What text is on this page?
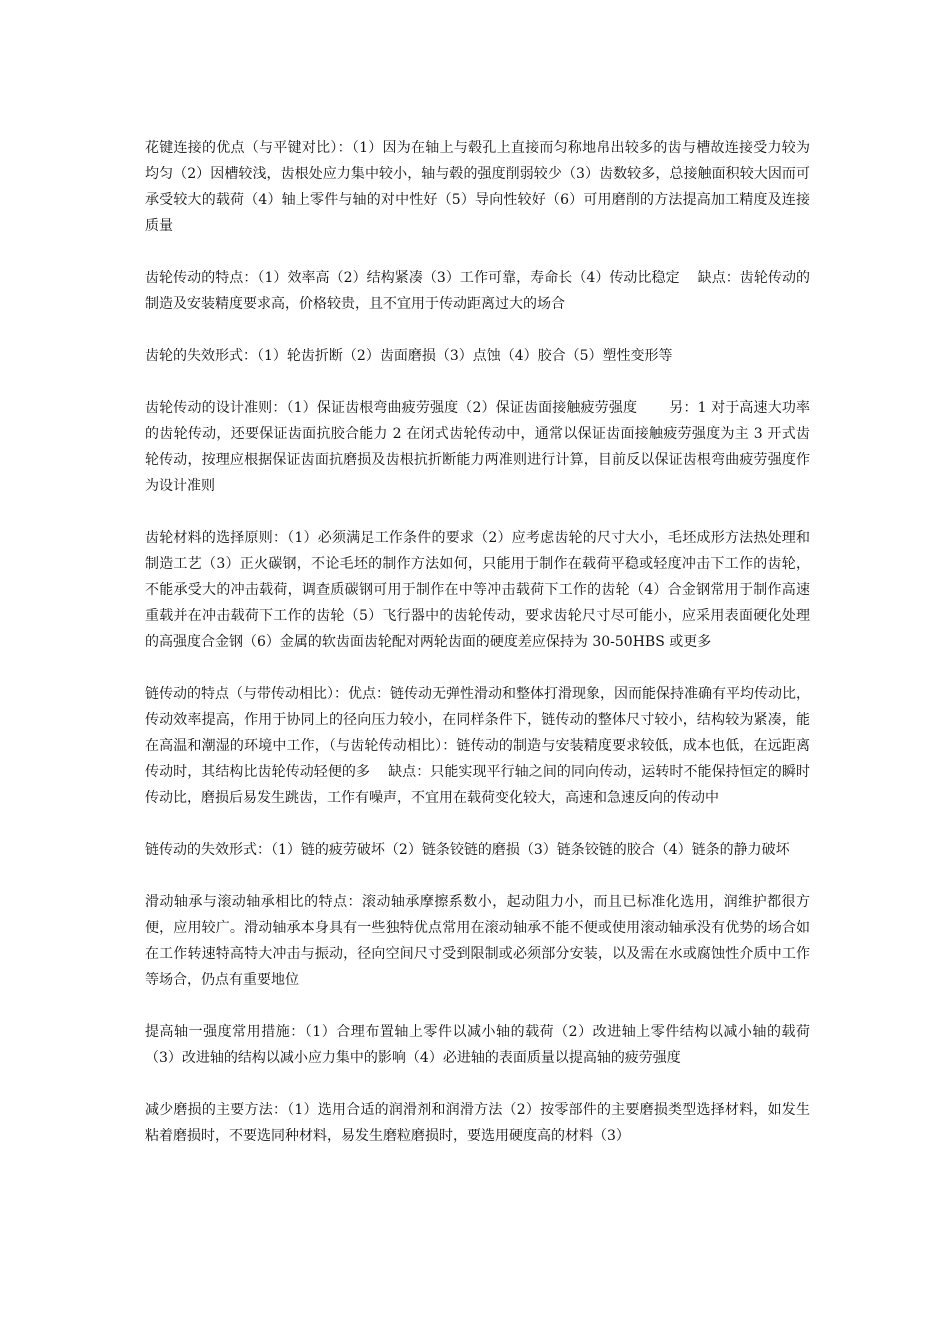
花键连接的优点（与平键对比）：（1）因为在轴上与毂孔上直接而匀称地帛出较多的齿与槽故连接受力较为均匀（2）因槽较浅，齿根处应力集中较小，轴与毂的强度削弱较少（3）齿数较多，总接触面积较大因而可承受较大的载荷（4）轴上零件与轴的对中性好（5）导向性较好（6）可用磨削的方法提高加工精度及连接质量

齿轮传动的特点：（1）效率高（2）结构紧凑（3）工作可靠，寿命长（4）传动比稳定    缺点：齿轮传动的制造及安装精度要求高，价格较贵，且不宜用于传动距离过大的场合

齿轮的失效形式：（1）轮齿折断（2）齿面磨损（3）点蚀（4）胶合（5）塑性变形等

齿轮传动的设计准则：（1）保证齿根弯曲疲劳强度（2）保证齿面接触疲劳强度       另：1 对于高速大功率的齿轮传动，还要保证齿面抗胶合能力 2 在闭式齿轮传动中，通常以保证齿面接触疲劳强度为主 3 开式齿轮传动，按理应根据保证齿面抗磨损及齿根抗折断能力两准则进行计算，目前反以保证齿根弯曲疲劳强度作为设计准则

齿轮材料的选择原则：（1）必须满足工作条件的要求（2）应考虑齿轮的尺寸大小，毛坯成形方法热处理和制造工艺（3）正火碳钢，不论毛坯的制作方法如何，只能用于制作在载荷平稳或轻度冲击下工作的齿轮，不能承受大的冲击载荷，调查质碳钢可用于制作在中等冲击载荷下工作的齿轮（4）合金钢常用于制作高速重载并在冲击载荷下工作的齿轮（5）飞行器中的齿轮传动，要求齿轮尺寸尽可能小，应采用表面硬化处理的高强度合金钢（6）金属的软齿面齿轮配对两轮齿面的硬度差应保持为 30-50HBS 或更多

链传动的特点（与带传动相比）：优点：链传动无弹性滑动和整体打滑现象，因而能保持准确有平均传动比，传动效率提高，作用于协同上的径向压力较小，在同样条件下，链传动的整体尺寸较小，结构较为紧凑，能在高温和潮湿的环境中工作，（与齿轮传动相比）：链传动的制造与安装精度要求较低，成本也低，在远距离传动时，其结构比齿轮传动轻便的多    缺点：只能实现平行轴之间的同向传动，运转时不能保持恒定的瞬时传动比，磨损后易发生跳齿，工作有噪声，不宜用在载荷变化较大，高速和急速反向的传动中

链传动的失效形式：（1）链的疲劳破坏（2）链条铰链的磨损（3）链条铰链的胶合（4）链条的静力破坏

滑动轴承与滚动轴承相比的特点：滚动轴承摩擦系数小，起动阻力小，而且已标准化选用，润维护都很方便，应用较广。滑动轴承本身具有一些独特优点常用在滚动轴承不能不便或使用滚动轴承没有优势的场合如在工作转速特高特大冲击与振动，径向空间尺寸受到限制或必须部分安装，以及需在水或腐蚀性介质中工作等场合，仍点有重要地位

提高轴一强度常用措施：（1）合理布置轴上零件以减小轴的载荷（2）改进轴上零件结构以减小轴的载荷（3）改进轴的结构以减小应力集中的影响（4）必进轴的表面质量以提高轴的疲劳强度

减少磨损的主要方法：（1）选用合适的润滑剂和润滑方法（2）按零部件的主要磨损类型选择材料，如发生粘着磨损时，不要选同种材料，易发生磨粒磨损时，要选用硬度高的材料（3）
